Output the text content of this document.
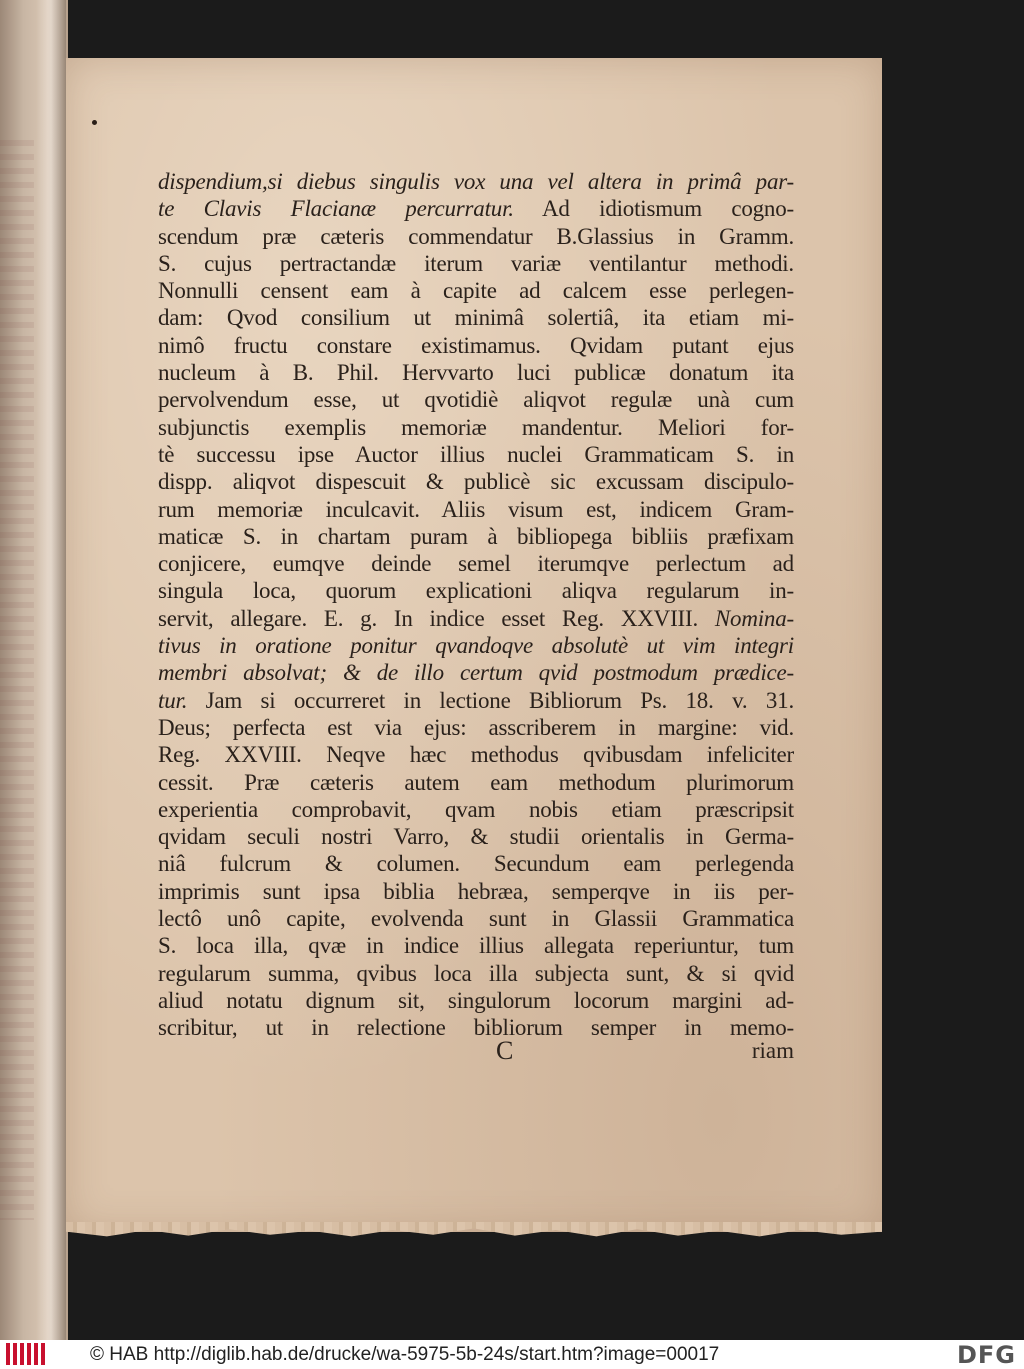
dispendium,si diebus singulis vox una vel altera in primâ par-
te Clavis Flacianæ percurratur. Ad idiotismum cogno-
scendum præ cæteris commendatur B.Glassius in Gramm.
S. cujus pertractandæ iterum variæ ventilantur methodi.
Nonnulli censent eam à capite ad calcem esse perlegen-
dam: Qvod consilium ut minimâ solertiâ, ita etiam mi-
nimô fructu constare existimamus. Qvidam putant ejus
nucleum à B. Phil. Hervvarto luci publicæ donatum ita
pervolvendum esse, ut qvotidiè aliqvot regulæ unà cum
subjunctis exemplis memoriæ mandentur. Meliori for-
tè successu ipse Auctor illius nuclei Grammaticam S. in
dispp. aliqvot dispescuit & publicè sic excussam discipulo-
rum memoriæ inculcavit. Aliis visum est, indicem Gram-
maticæ S. in chartam puram à bibliopega bibliis præfixam
conjicere, eumqve deinde semel iterumqve perlectum ad
singula loca, quorum explicationi aliqva regularum in-
servit, allegare. E. g. In indice esset Reg. XXVIII. Nomina-
tivus in oratione ponitur qvandoqve absolutè ut vim integri
membri absolvat; & de illo certum qvid postmodum prædice-
tur. Jam si occurreret in lectione Bibliorum Ps. 18. v. 31.
Deus; perfecta est via ejus: asscriberem in margine: vid.
Reg. XXVIII. Neqve hæc methodus qvibusdam infeliciter
cessit. Præ cæteris autem eam methodum plurimorum
experientia comprobavit, qvam nobis etiam præscripsit
qvidam seculi nostri Varro, & studii orientalis in Germa-
niâ fulcrum & columen. Secundum eam perlegenda
imprimis sunt ipsa biblia hebræa, semperqve in iis per-
lectô unô capite, evolvenda sunt in Glassii Grammatica
S. loca illa, qvæ in indice illius allegata reperiuntur, tum
regularum summa, qvibus loca illa subjecta sunt, & si qvid
aliud notatu dignum sit, singulorum locorum margini ad-
scribitur, ut in relectione bibliorum semper in memo-
C	riam
© HAB http://diglib.hab.de/drucke/wa-5975-5b-24s/start.htm?image=00017	DFG
